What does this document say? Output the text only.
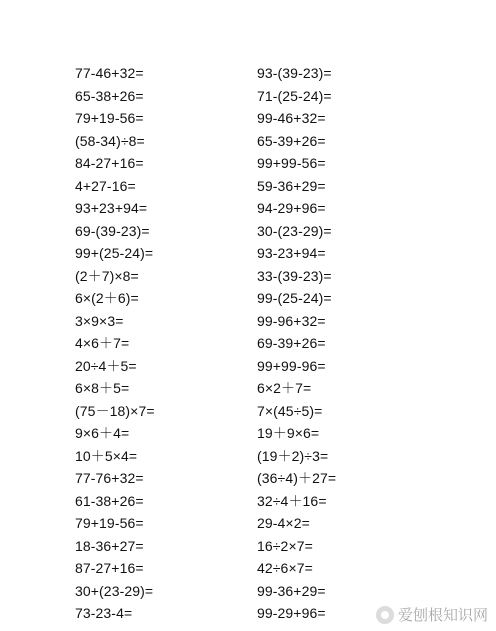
77-46+32=
65-38+26=
79+19-56=
(58-34)÷8=
84-27+16=
4+27-16=
93+23+94=
69-(39-23)=
99+(25-24)=
(2＋7)×8=
6×(2＋6)=
3×9×3=
4×6＋7=
20÷4＋5=
6×8＋5=
(75－18)×7=
9×6＋4=
10＋5×4=
77-76+32=
61-38+26=
79+19-56=
18-36+27=
87-27+16=
30+(23-29)=
73-23-4=
93-(39-23)=
71-(25-24)=
99-46+32=
65-39+26=
99+99-56=
59-36+29=
94-29+96=
30-(23-29)=
93-23+94=
33-(39-23)=
99-(25-24)=
99-96+32=
69-39+26=
99+99-96=
6×2＋7=
7×(45÷5)=
19＋9×6=
(19＋2)÷3=
(36÷4)＋27=
32÷4＋16=
29-4×2=
16÷2×7=
42÷6×7=
99-36+29=
99-29+96=	爱刨根知识网
